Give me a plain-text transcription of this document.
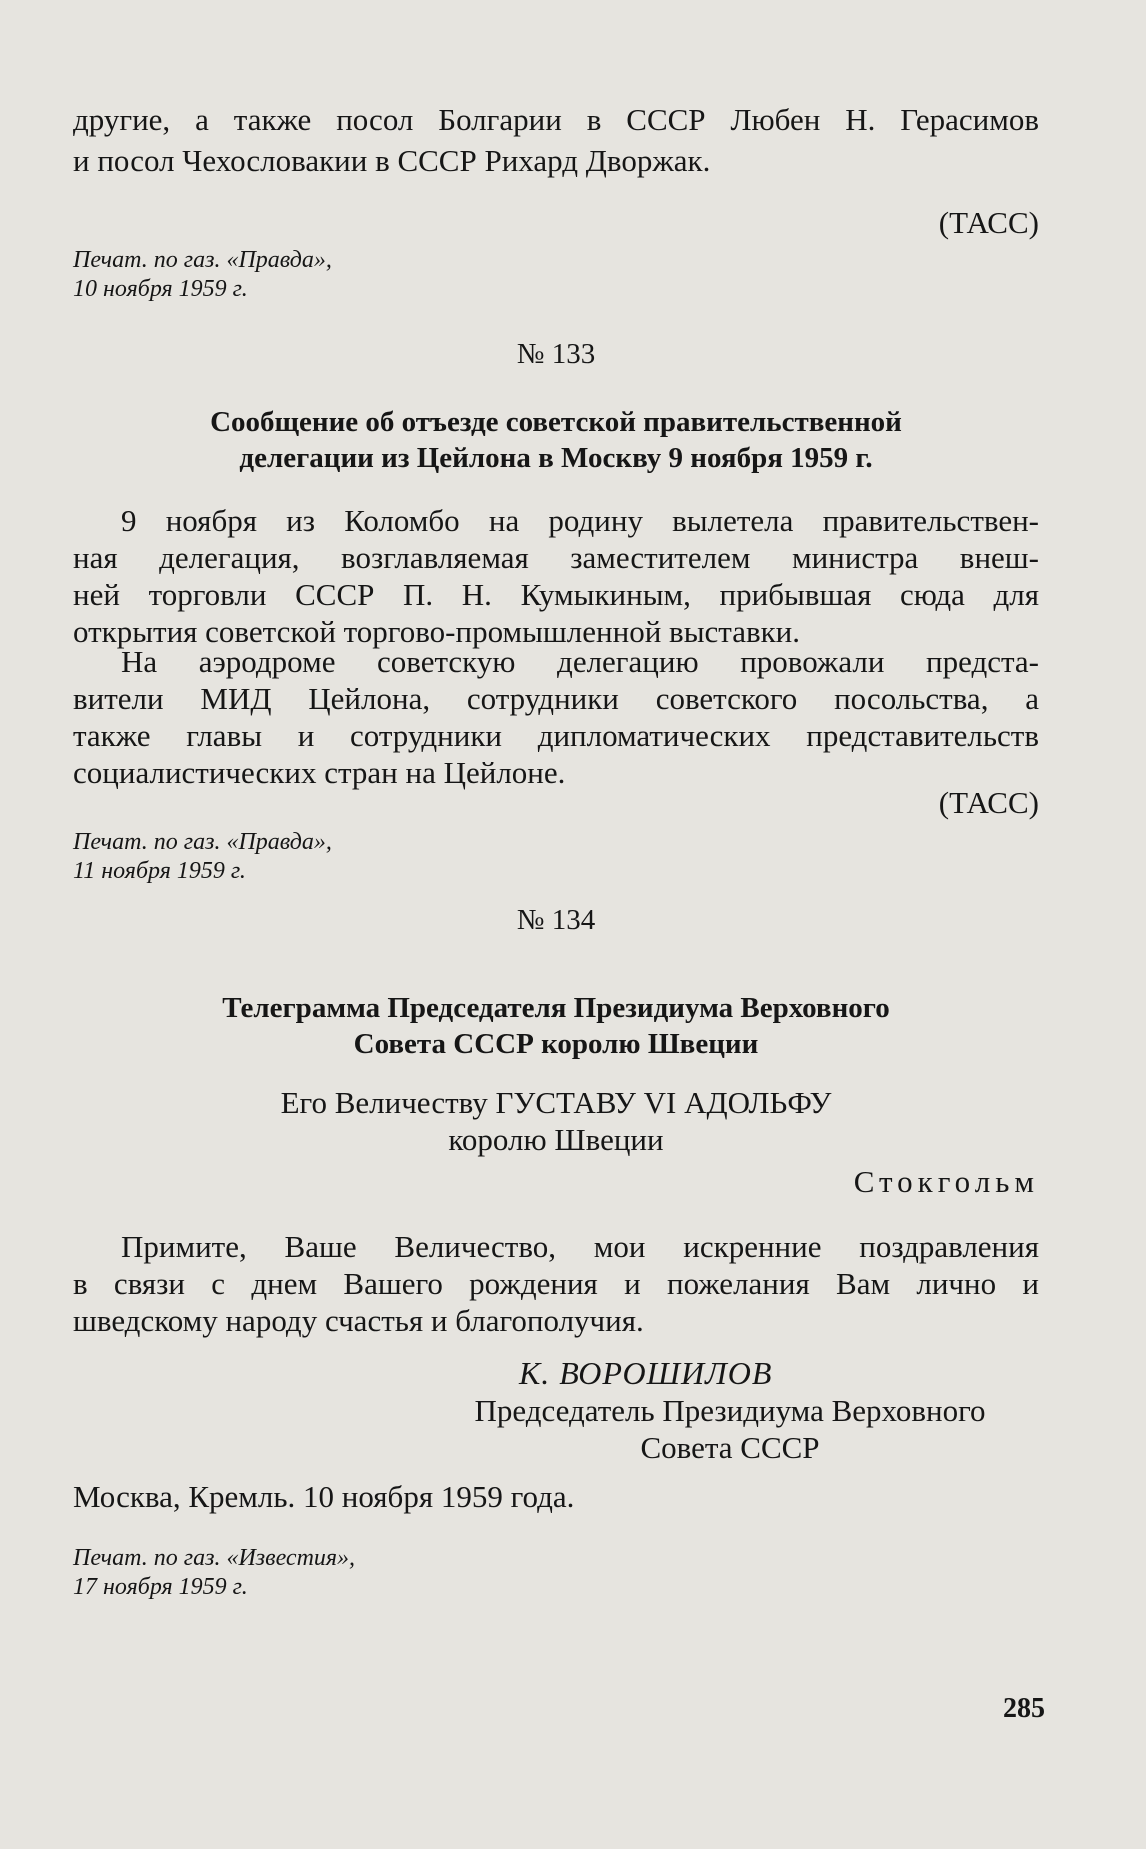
другие, а также посол Болгарии в СССР Любен Н. Герасимов
и посол Чехословакии в СССР Рихард Дворжак.
(ТАСС)
Печат. по газ. «Правда»,
10 ноября 1959 г.
№ 133
Сообщение об отъезде советской правительственной
делегации из Цейлона в Москву 9 ноября 1959 г.
9 ноября из Коломбо на родину вылетела правительствен-
ная делегация, возглавляемая заместителем министра внеш-
ней торговли СССР П. Н. Кумыкиным, прибывшая сюда для
открытия советской торгово-промышленной выставки.
На аэродроме советскую делегацию провожали предста-
вители МИД Цейлона, сотрудники советского посольства, а
также главы и сотрудники дипломатических представительств
социалистических стран на Цейлоне.
(ТАСС)
Печат. по газ. «Правда»,
11 ноября 1959 г.
№ 134
Телеграмма Председателя Президиума Верховного
Совета СССР королю Швеции
Его Величеству ГУСТАВУ VI АДОЛЬФУ
королю Швеции
Стокгольм
Примите, Ваше Величество, мои искренние поздравления
в связи с днем Вашего рождения и пожелания Вам лично и
шведскому народу счастья и благополучия.
К. ВОРОШИЛОВ
Председатель Президиума Верховного
Совета СССР
Москва, Кремль. 10 ноября 1959 года.
Печат. по газ. «Известия»,
17 ноября 1959 г.
285
